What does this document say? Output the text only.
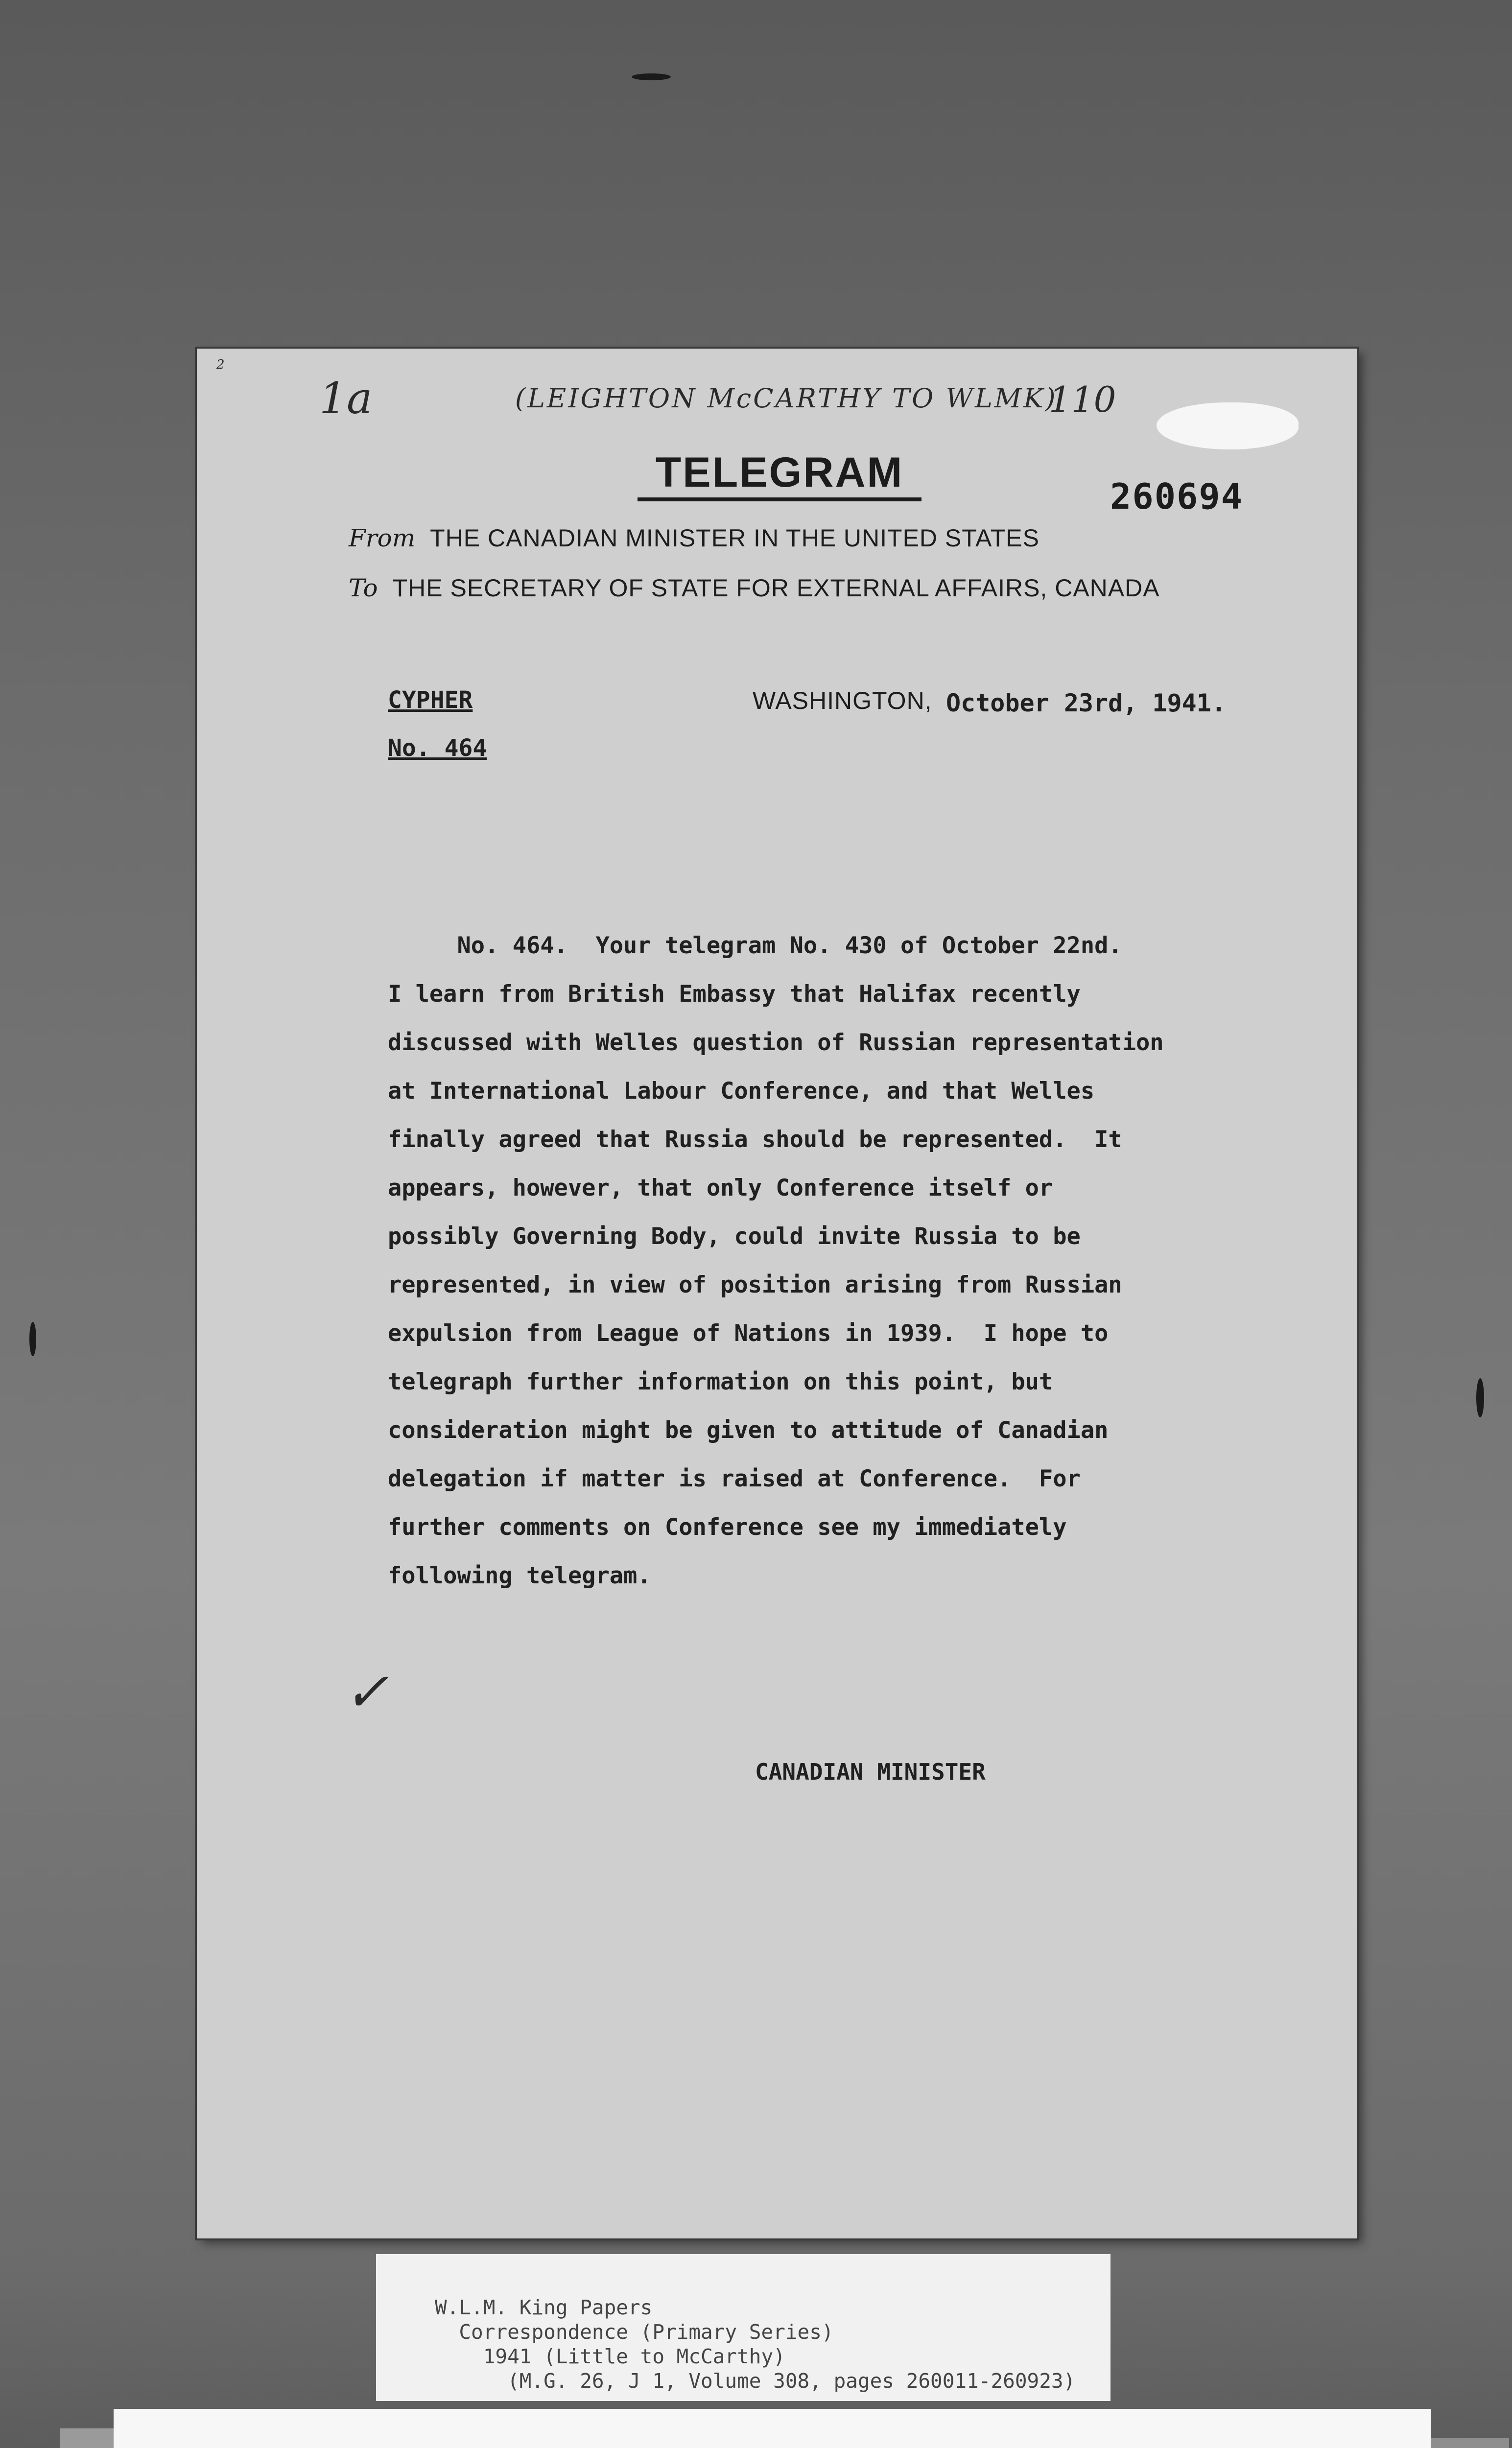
2
1a	(LEIGHTON McCARTHY TO WLMK)
110
TELEGRAM
260694
From THE CANADIAN MINISTER IN THE UNITED STATES
To THE SECRETARY OF STATE FOR EXTERNAL AFFAIRS, CANADA
CYPHER
No. 464
WASHINGTON, October 23rd, 1941.
No. 464.  Your telegram No. 430 of October 22nd.
I learn from British Embassy that Halifax recently
discussed with Welles question of Russian representation
at International Labour Conference, and that Welles
finally agreed that Russia should be represented.  It
appears, however, that only Conference itself or
possibly Governing Body, could invite Russia to be
represented, in view of position arising from Russian
expulsion from League of Nations in 1939.  I hope to
telegraph further information on this point, but
consideration might be given to attitude of Canadian
delegation if matter is raised at Conference.  For
further comments on Conference see my immediately
following telegram.
✓
CANADIAN MINISTER
W.L.M. King Papers
Correspondence (Primary Series)
1941 (Little to McCarthy)
(M.G. 26, J 1, Volume 308, pages 260011-260923)
